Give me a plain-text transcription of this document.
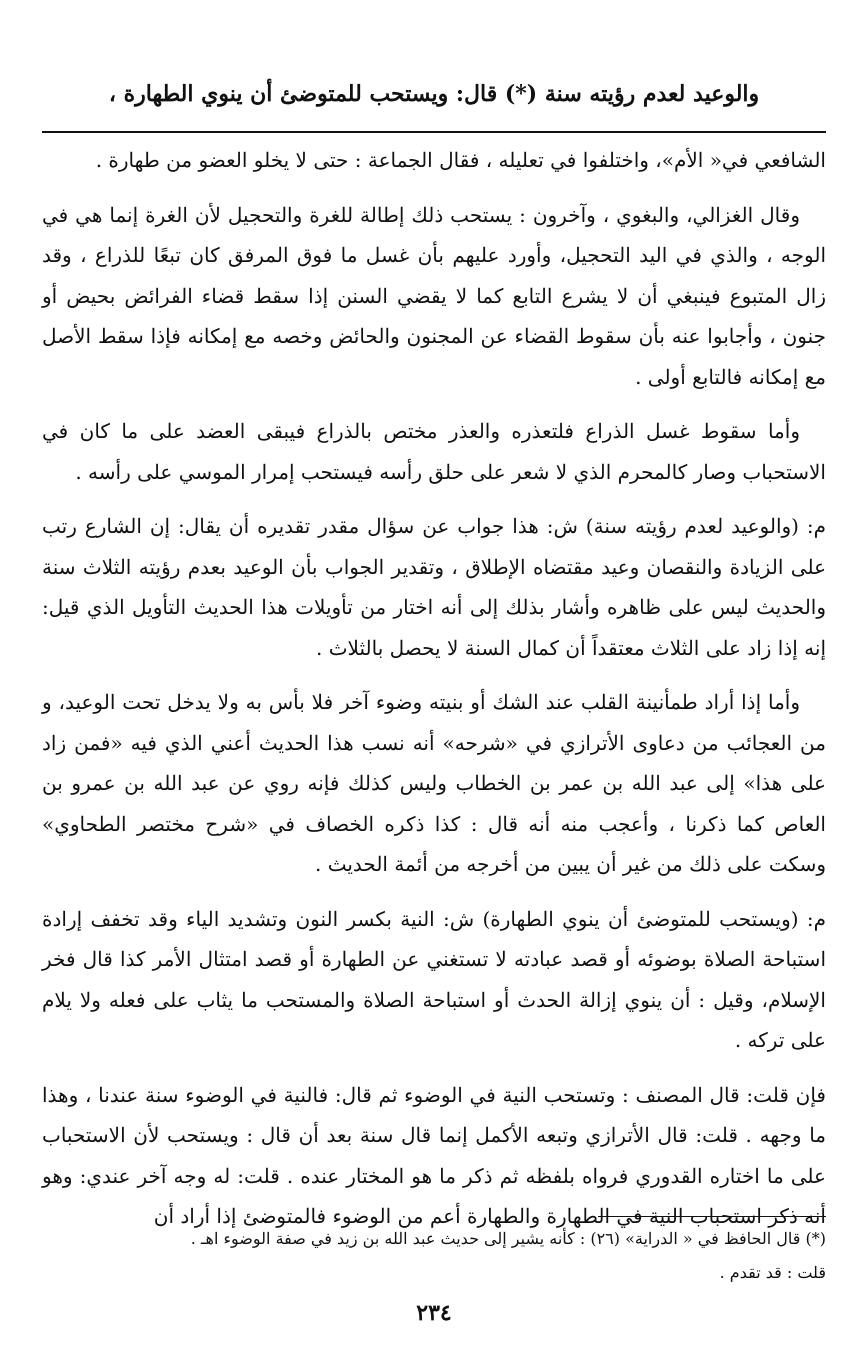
والوعيد لعدم رؤيته سنة (*) قال: ويستحب للمتوضئ أن ينوي الطهارة ،

الشافعي في« الأم»، واختلفوا في تعليله ، فقال الجماعة : حتى لا يخلو العضو من طهارة .

وقال الغزالي، والبغوي ، وآخرون : يستحب ذلك إطالة للغرة والتحجيل لأن الغرة إنما هي في الوجه ، والذي في اليد التحجيل، وأورد عليهم بأن غسل ما فوق المرفق كان تبعًا للذراع ، وقد زال المتبوع فينبغي أن لا يشرع التابع كما لا يقضي السنن إذا سقط قضاء الفرائض بحيض أو جنون ، وأجابوا عنه بأن سقوط القضاء عن المجنون والحائض وخصه مع إمكانه فإذا سقط الأصل مع إمكانه فالتابع أولى .

وأما سقوط غسل الذراع فلتعذره والعذر مختص بالذراع فيبقى العضد على ما كان في الاستحباب وصار كالمحرم الذي لا شعر على حلق رأسه فيستحب إمرار الموسي على رأسه .

م: (والوعيد لعدم رؤيته سنة) ش: هذا جواب عن سؤال مقدر تقديره أن يقال: إن الشارع رتب على الزيادة والنقصان وعيد مقتضاه الإطلاق ، وتقدير الجواب بأن الوعيد بعدم رؤيته الثلاث سنة والحديث ليس على ظاهره وأشار بذلك إلى أنه اختار من تأويلات هذا الحديث التأويل الذي قيل: إنه إذا زاد على الثلاث معتقداً أن كمال السنة لا يحصل بالثلاث .

وأما إذا أراد طمأنينة القلب عند الشك أو بنيته وضوء آخر فلا بأس به ولا يدخل تحت الوعيد، و من العجائب من دعاوى الأترازي في «شرحه» أنه نسب هذا الحديث أعني الذي فيه «فمن زاد على هذا» إلى عبد الله بن عمر بن الخطاب وليس كذلك فإنه روي عن عبد الله بن عمرو بن العاص كما ذكرنا ، وأعجب منه أنه قال : كذا ذكره الخصاف في «شرح مختصر الطحاوي» وسكت على ذلك من غير أن يبين من أخرجه من أئمة الحديث .

م: (ويستحب للمتوضئ أن ينوي الطهارة) ش: النية بكسر النون وتشديد الياء وقد تخفف إرادة استباحة الصلاة بوضوئه أو قصد عبادته لا تستغني عن الطهارة أو قصد امتثال الأمر كذا قال فخر الإسلام، وقيل : أن ينوي إزالة الحدث أو استباحة الصلاة والمستحب ما يثاب على فعله ولا يلام على تركه .

فإن قلت: قال المصنف : وتستحب النية في الوضوء ثم قال: فالنية في الوضوء سنة عندنا ، وهذا ما وجهه . قلت: قال الأترازي وتبعه الأكمل إنما قال سنة بعد أن قال : ويستحب لأن الاستحباب على ما اختاره القدوري فرواه بلفظه ثم ذكر ما هو المختار عنده . قلت: له وجه آخر عندي: وهو أنه ذكر استحباب النية في الطهارة والطهارة أعم من الوضوء فالمتوضئ إذا أراد أن

(*) قال الحافظ في « الدراية» (٢٦) : كأنه يشير إلى حديث عبد الله بن زيد في صفة الوضوء اهـ .

قلت : قد تقدم .

٢٣٤
